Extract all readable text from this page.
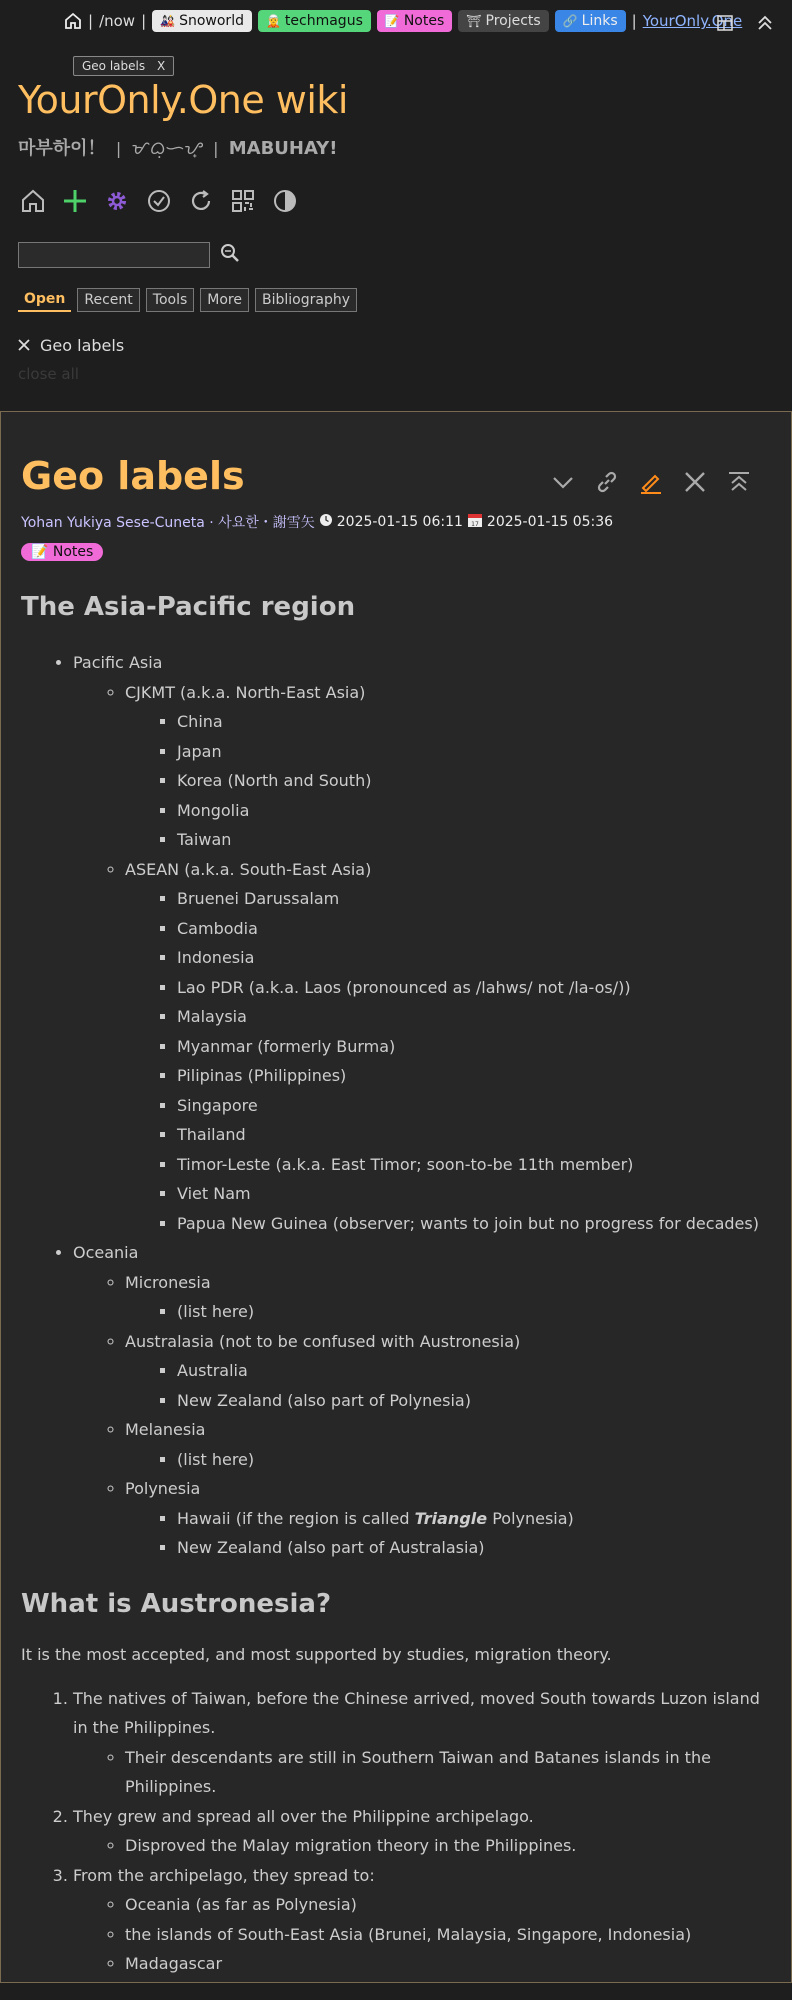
| /now | 🎎 Snoworld 🧝 techmagus 📝 Notes ⛩ Projects 🔗 Links | YourOnly.One
Geo labels X
YourOnly.One wiki
마부하이！ | ᜋᜊᜓᜑᜌ᜔ | MABUHAY!
Open	Recent	Tools	More	Bibliography
Geo labels
close all
Geo labels
Yohan Yukiya Sese-Cuneta · 사요한・謝雪矢 2025-01-15 06:11 17 2025-01-15 05:36
📝 Notes
The Asia-Pacific region
• Pacific Asia
◦ CJKMT (a.k.a. North-East Asia)
▪ China
▪ Japan
▪ Korea (North and South)
▪ Mongolia
▪ Taiwan
◦ ASEAN (a.k.a. South-East Asia)
▪ Bruenei Darussalam
▪ Cambodia
▪ Indonesia
▪ Lao PDR (a.k.a. Laos (pronounced as /lahws/ not /la-os/))
▪ Malaysia
▪ Myanmar (formerly Burma)
▪ Pilipinas (Philippines)
▪ Singapore
▪ Thailand
▪ Timor-Leste (a.k.a. East Timor; soon-to-be 11th member)
▪ Viet Nam
▪ Papua New Guinea (observer; wants to join but no progress for decades)
• Oceania
◦ Micronesia
▪ (list here)
◦ Australasia (not to be confused with Austronesia)
▪ Australia
▪ New Zealand (also part of Polynesia)
◦ Melanesia
▪ (list here)
◦ Polynesia
▪ Hawaii (if the region is called Triangle Polynesia)
▪ New Zealand (also part of Australasia)
What is Austronesia?

It is the most accepted, and most supported by studies, migration theory.

1. The natives of Taiwan, before the Chinese arrived, moved South towards Luzon island in the Philippines.
◦ Their descendants are still in Southern Taiwan and Batanes islands in the Philippines.
2. They grew and spread all over the Philippine archipelago.
◦ Disproved the Malay migration theory in the Philippines.
3. From the archipelago, they spread to:
◦ Oceania (as far as Polynesia)
◦ the islands of South-East Asia (Brunei, Malaysia, Singapore, Indonesia)
◦ Madagascar
